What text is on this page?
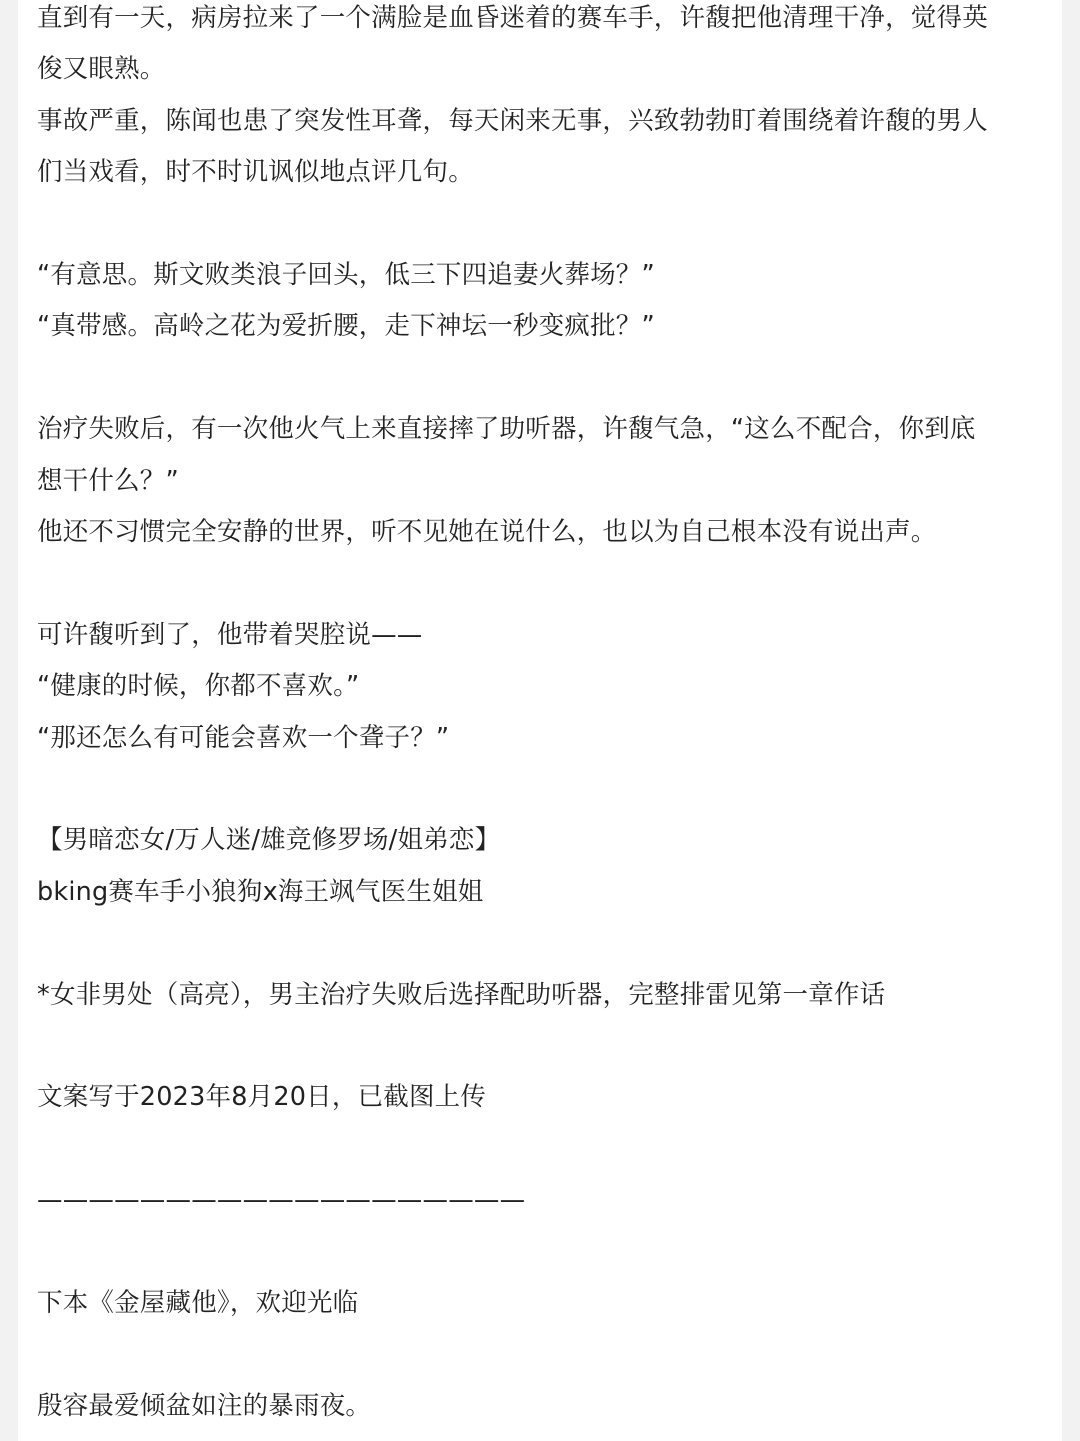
直到有一天，病房拉来了一个满脸是血昏迷着的赛车手，许馥把他清理干净，觉得英
俊又眼熟。
事故严重，陈闻也患了突发性耳聋，每天闲来无事，兴致勃勃盯着围绕着许馥的男人
们当戏看，时不时讥讽似地点评几句。
“有意思。斯文败类浪子回头，低三下四追妻火葬场？”
“真带感。高岭之花为爱折腰，走下神坛一秒变疯批？”
治疗失败后，有一次他火气上来直接摔了助听器，许馥气急，“这么不配合，你到底
想干什么？”
他还不习惯完全安静的世界，听不见她在说什么，也以为自己根本没有说出声。
可许馥听到了，他带着哭腔说——
“健康的时候，你都不喜欢。”
“那还怎么有可能会喜欢一个聋子？”
【男暗恋女/万人迷/雄竞修罗场/姐弟恋】
bking赛车手小狼狗x海王飒气医生姐姐
*女非男处（高亮），男主治疗失败后选择配助听器，完整排雷见第一章作话
文案写于2023年8月20日，已截图上传
———————————————————
下本《金屋藏他》，欢迎光临
殷容最爱倾盆如注的暴雨夜。
